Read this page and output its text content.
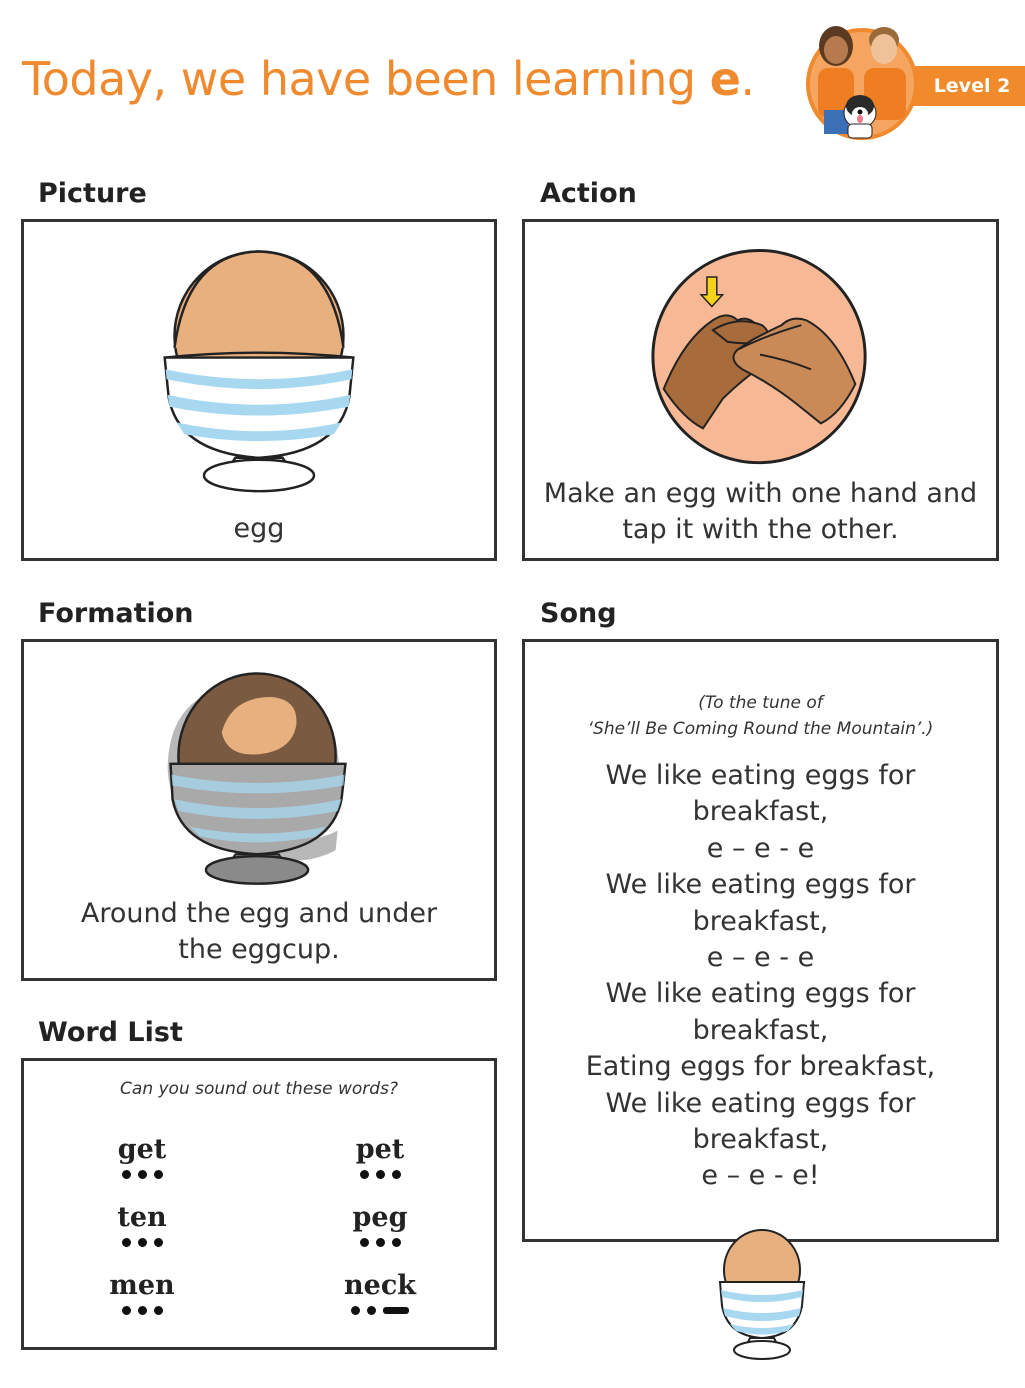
Today, we have been learning e.	Level 2
Picture
egg
Action
Make an egg with one hand and
tap it with the other.
Formation
Around the egg and under
the eggcup.
Song
(To the tune of
‘She’ll Be Coming Round the Mountain’.)
We like eating eggs for
breakfast,
e – e - e
We like eating eggs for
breakfast,
e – e - e
We like eating eggs for
breakfast,
Eating eggs for breakfast,
We like eating eggs for
breakfast,
e – e - e!
Word List
Can you sound out these words?
get	pet
ten	peg
men	neck
